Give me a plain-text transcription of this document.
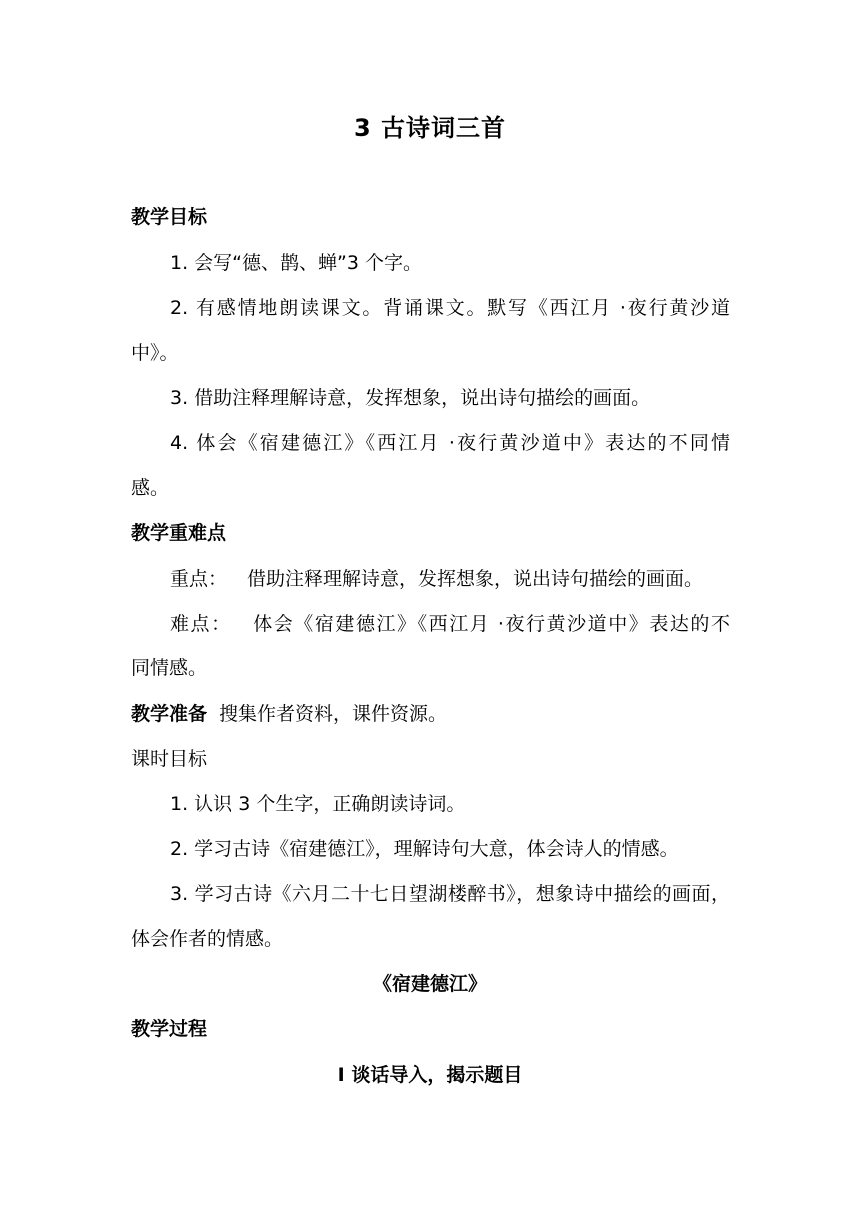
3 古诗词三首
教学目标
1. 会写“德、鹊、蝉”3 个字。
2. 有感情地朗读课文。背诵课文。默写《西江月 ·夜行黄沙道
中》。
3. 借助注释理解诗意，发挥想象，说出诗句描绘的画面。
4. 体会《宿建德江》《西江月 ·夜行黄沙道中》表达的不同情
感。
教学重难点
重点： 借助注释理解诗意，发挥想象，说出诗句描绘的画面。
难点： 体会《宿建德江》《西江月 ·夜行黄沙道中》表达的不
同情感。
教学准备 搜集作者资料，课件资源。
课时目标
1. 认识 3 个生字，正确朗读诗词。
2. 学习古诗《宿建德江》，理解诗句大意，体会诗人的情感。
3. 学习古诗《六月二十七日望湖楼醉书》，想象诗中描绘的画面，
体会作者的情感。
《宿建德江》
教学过程
Ⅰ 谈话导入，揭示题目
